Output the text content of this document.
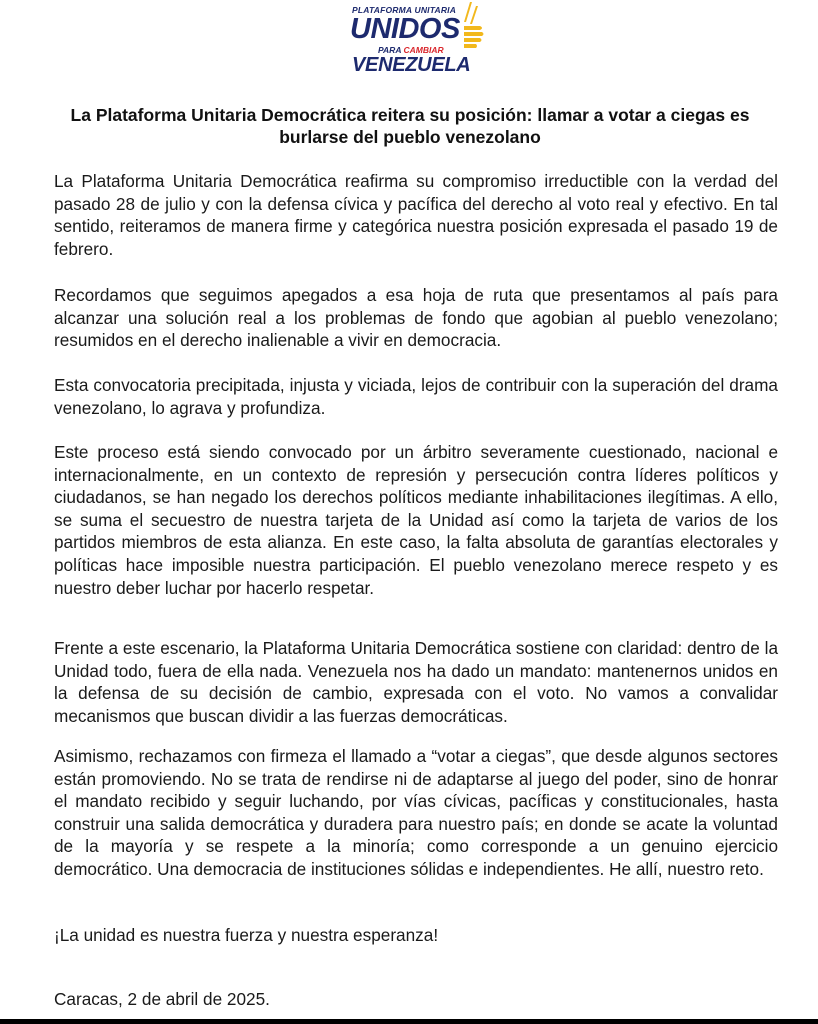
PLATAFORMA UNITARIA
UNIDOS
PARA CAMBIAR
VENEZUELA
La Plataforma Unitaria Democrática reitera su posición: llamar a votar a ciegas es burlarse del pueblo venezolano
La Plataforma Unitaria Democrática reafirma su compromiso irreductible con la verdad del pasado 28 de julio y con la defensa cívica y pacífica del derecho al voto real y efectivo. En tal sentido, reiteramos de manera firme y categórica nuestra posición expresada el pasado 19 de febrero.
Recordamos que seguimos apegados a esa hoja de ruta que presentamos al país para alcanzar una solución real a los problemas de fondo que agobian al pueblo venezolano; resumidos en el derecho inalienable a vivir en democracia.
Esta convocatoria precipitada, injusta y viciada, lejos de contribuir con la superación del drama venezolano, lo agrava y profundiza.
Este proceso está siendo convocado por un árbitro severamente cuestionado, nacional e internacionalmente, en un contexto de represión y persecución contra líderes políticos y ciudadanos, se han negado los derechos políticos mediante inhabilitaciones ilegítimas. A ello, se suma el secuestro de nuestra tarjeta de la Unidad así como la tarjeta de varios de los partidos miembros de esta alianza. En este caso, la falta absoluta de garantías electorales y políticas hace imposible nuestra participación. El pueblo venezolano merece respeto y es nuestro deber luchar por hacerlo respetar.
Frente a este escenario, la Plataforma Unitaria Democrática sostiene con claridad: dentro de la Unidad todo, fuera de ella nada. Venezuela nos ha dado un mandato: mantenernos unidos en la defensa de su decisión de cambio, expresada con el voto. No vamos a convalidar mecanismos que buscan dividir a las fuerzas democráticas.
Asimismo, rechazamos con firmeza el llamado a “votar a ciegas”, que desde algunos sectores están promoviendo. No se trata de rendirse ni de adaptarse al juego del poder, sino de honrar el mandato recibido y seguir luchando, por vías cívicas, pacíficas y constitucionales, hasta construir una salida democrática y duradera para nuestro país; en donde se acate la voluntad de la mayoría y se respete a la minoría; como corresponde a un genuino ejercicio democrático. Una democracia de instituciones sólidas e independientes. He allí, nuestro reto.
¡La unidad es nuestra fuerza y nuestra esperanza!
Caracas, 2 de abril de 2025.
